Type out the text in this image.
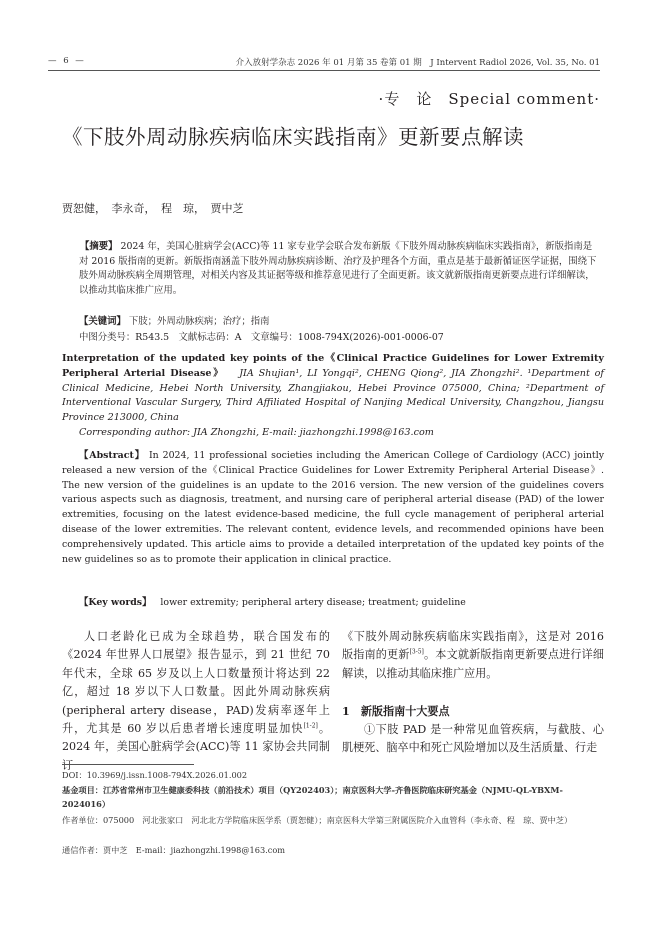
— 6 —	介入放射学杂志 2026 年 01 月第 35 卷第 01 期　J Intervent Radiol 2026, Vol. 35, No. 01
·专　论　Special comment·
《下肢外周动脉疾病临床实践指南》更新要点解读
贾恕健，　李永奇，　程　琼，　贾中芝
【摘要】 2024 年，美国心脏病学会(ACC)等 11 家专业学会联合发布新版《下肢外周动脉疾病临床实践指南》，新版指南是对 2016 版指南的更新。新版指南涵盖下肢外周动脉疾病诊断、治疗及护理各个方面，重点是基于最新循证医学证据，围绕下肢外周动脉疾病全周期管理，对相关内容及其证据等级和推荐意见进行了全面更新。该文就新版指南更新要点进行详细解读，以推动其临床推广应用。
【关键词】 下肢；外周动脉疾病；治疗；指南
中图分类号：R543.5　文献标志码：A　文章编号：1008-794X(2026)-001-0006-07
Interpretation of the updated key points of the《Clinical Practice Guidelines for Lower Extremity Peripheral Arterial Disease》 JIA Shujian¹, LI Yongqi², CHENG Qiong², JIA Zhongzhi². ¹Department of Clinical Medicine, Hebei North University, Zhangjiakou, Hebei Province 075000, China; ²Department of Interventional Vascular Surgery, Third Affiliated Hospital of Nanjing Medical University, Changzhou, Jiangsu Province 213000, China
Corresponding author: JIA Zhongzhi, E-mail: jiazhongzhi.1998@163.com
【Abstract】 In 2024, 11 professional societies including the American College of Cardiology (ACC) jointly released a new version of the《Clinical Practice Guidelines for Lower Extremity Peripheral Arterial Disease》. The new version of the guidelines is an update to the 2016 version. The new version of the guidelines covers various aspects such as diagnosis, treatment, and nursing care of peripheral arterial disease (PAD) of the lower extremities, focusing on the latest evidence-based medicine, the full cycle management of peripheral arterial disease of the lower extremities. The relevant content, evidence levels, and recommended opinions have been comprehensively updated. This article aims to provide a detailed interpretation of the updated key points of the new guidelines so as to promote their application in clinical practice.
【Key words】 lower extremity; peripheral artery disease; treatment; guideline
人口老龄化已成为全球趋势，联合国发布的《2024 年世界人口展望》报告显示，到 21 世纪 70 年代末，全球 65 岁及以上人口数量预计将达到 22 亿，超过 18 岁以下人口数量。因此外周动脉疾病(peripheral artery disease，PAD)发病率逐年上升，尤其是 60 岁以后患者增长速度明显加快[1-2]。2024 年，美国心脏病学会(ACC)等 11 家协会共同制订
《下肢外周动脉疾病临床实践指南》，这是对 2016 版指南的更新[3-5]。本文就新版指南更新要点进行详细解读，以推动其临床推广应用。
1　新版指南十大要点
①下肢 PAD 是一种常见血管疾病，与截肢、心肌梗死、脑卒中和死亡风险增加以及生活质量、行走
DOI：10.3969/j.issn.1008-794X.2026.01.002
基金项目：江苏省常州市卫生健康委科技（前沿技术）项目（QY202403）；南京医科大学-齐鲁医院临床研究基金（NJMU-QL-YBXM-2024016）
作者单位：075000　河北张家口　河北北方学院临床医学系（贾恕健）；南京医科大学第三附属医院介入血管科（李永奇、程　琼、贾中芝）
通信作者：贾中芝　E-mail：jiazhongzhi.1998@163.com
